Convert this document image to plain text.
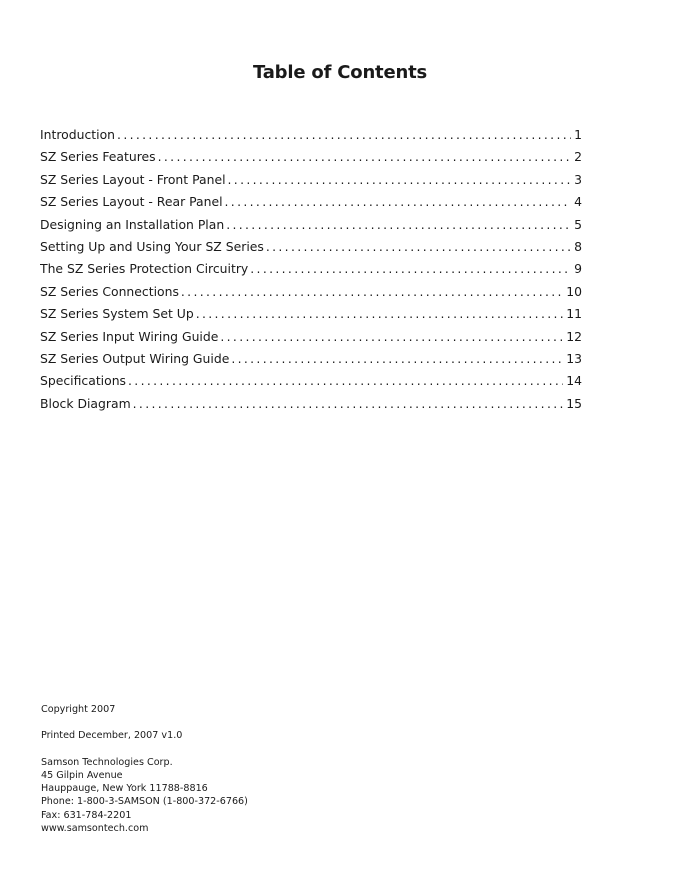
Table of Contents
Introduction . . .	1
SZ Series Features . . .	2
SZ Series Layout - Front Panel . . .	3
SZ Series Layout - Rear Panel . . .	4
Designing an Installation Plan . . .	5
Setting Up and Using Your SZ Series . . .	8
The SZ Series Protection Circuitry . . .	9
SZ Series Connections . . .	10
SZ Series System Set Up . . .	11
SZ Series Input Wiring Guide . . .	12
SZ Series Output Wiring Guide . . .	13
Specifications . . .	14
Block Diagram . . .	15
Copyright 2007
Printed December, 2007 v1.0
Samson Technologies Corp.
45 Gilpin Avenue
Hauppauge, New York 11788-8816
Phone: 1-800-3-SAMSON (1-800-372-6766)
Fax: 631-784-2201
www.samsontech.com
